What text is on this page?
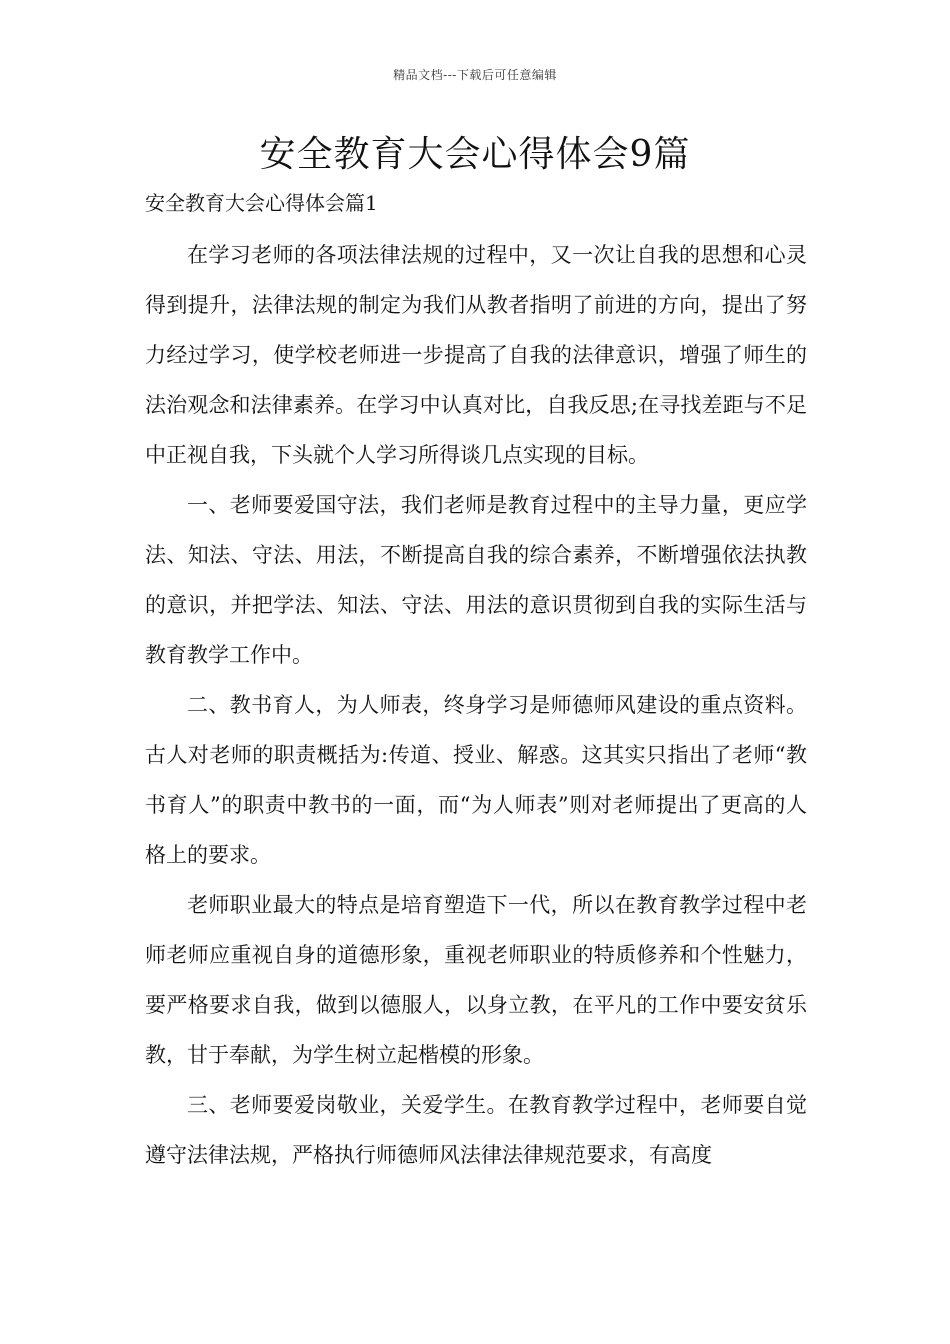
精品文档---下载后可任意编辑
安全教育大会心得体会9篇
安全教育大会心得体会篇1

在学习老师的各项法律法规的过程中，又一次让自我的思想和心灵得到提升，法律法规的制定为我们从教者指明了前进的方向，提出了努力经过学习，使学校老师进一步提高了自我的法律意识，增强了师生的法治观念和法律素养。在学习中认真对比，自我反思;在寻找差距与不足中正视自我，下头就个人学习所得谈几点实现的目标。

一、老师要爱国守法，我们老师是教育过程中的主导力量，更应学法、知法、守法、用法，不断提高自我的综合素养，不断增强依法执教的意识，并把学法、知法、守法、用法的意识贯彻到自我的实际生活与教育教学工作中。

二、教书育人，为人师表，终身学习是师德师风建设的重点资料。古人对老师的职责概括为:传道、授业、解惑。这其实只指出了老师“教书育人”的职责中教书的一面，而“为人师表”则对老师提出了更高的人格上的要求。

老师职业最大的特点是培育塑造下一代，所以在教育教学过程中老师老师应重视自身的道德形象，重视老师职业的特质修养和个性魅力，要严格要求自我，做到以德服人，以身立教，在平凡的工作中要安贫乐教，甘于奉献，为学生树立起楷模的形象。

三、老师要爱岗敬业，关爱学生。在教育教学过程中，老师要自觉遵守法律法规，严格执行师德师风法律法律规范要求，有高度
